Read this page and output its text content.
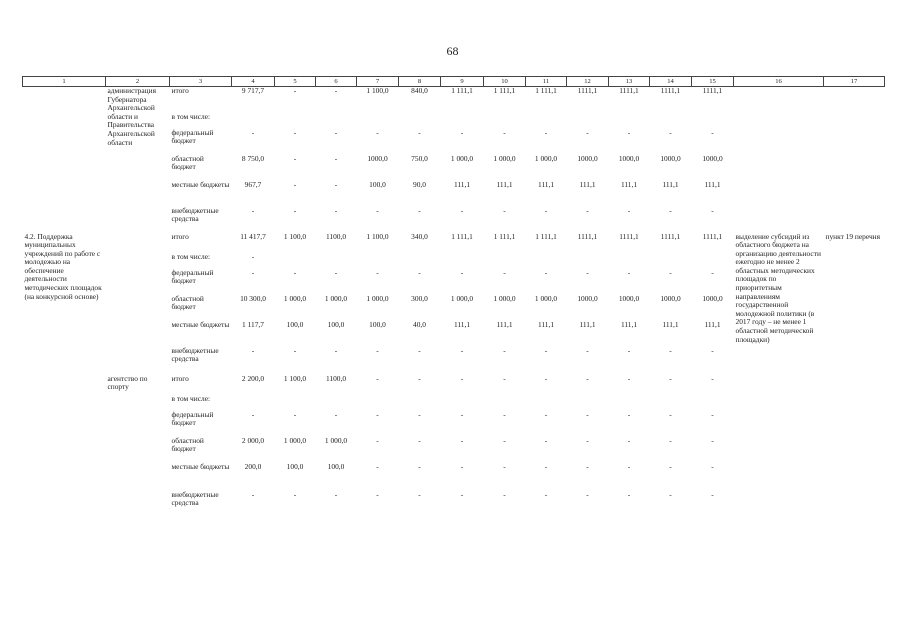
68
1	2	3	4	5	6	7	8	9	10	11	12	13	14	15	16	17
	администрация Губернатора Архангельской области и Правительства Архангельской области	итого	9 717,7	-	-	1 100,0	840,0	1 111,1	1 111,1	1 111,1	1111,1	1111,1	1111,1	1111,1		
		в том числе:														
		федеральный бюджет	-	-	-	-	-	-	-	-	-	-	-	-		
		областной бюджет	8 750,0	-	-	1000,0	750,0	1 000,0	1 000,0	1 000,0	1000,0	1000,0	1000,0	1000,0		
		местные бюджеты	967,7	-	-	100,0	90,0	111,1	111,1	111,1	111,1	111,1	111,1	111,1		
		внебюджетные средства	-	-	-	-	-	-	-	-	-	-	-	-		
4.2. Поддержка муниципальных учреждений по работе с молодежью на обеспечение деятельности методических площадок (на конкурсной основе)		итого	11 417,7	1 100,0	1100,0	1 100,0	340,0	1 111,1	1 111,1	1 111,1	1111,1	1111,1	1111,1	1111,1	выделение субсидий из областного бюджета на организацию деятельности ежегодно не менее 2 областных методических площадок по приоритетным направлениям государственной молодежной политики (в 2017 году – не менее 1 областной методической площадки)	пункт 19 перечня
		в том числе:	-													
		федеральный бюджет	-	-	-	-	-	-	-	-	-	-	-	-		
		областной бюджет	10 300,0	1 000,0	1 000,0	1 000,0	300,0	1 000,0	1 000,0	1 000,0	1000,0	1000,0	1000,0	1000,0		
		местные бюджеты	1 117,7	100,0	100,0	100,0	40,0	111,1	111,1	111,1	111,1	111,1	111,1	111,1		
		внебюджетные средства	-	-	-	-	-	-	-	-	-	-	-	-		
	агентство по спорту	итого	2 200,0	1 100,0	1100,0	-	-	-	-	-	-	-	-	-		
		в том числе:														
		федеральный бюджет	-	-	-	-	-	-	-	-	-	-	-	-		
		областной бюджет	2 000,0	1 000,0	1 000,0	-	-	-	-	-	-	-	-	-		
		местные бюджеты	200,0	100,0	100,0	-	-	-	-	-	-	-	-	-		
		внебюджетные средства	-	-	-	-	-	-	-	-	-	-	-	-		
